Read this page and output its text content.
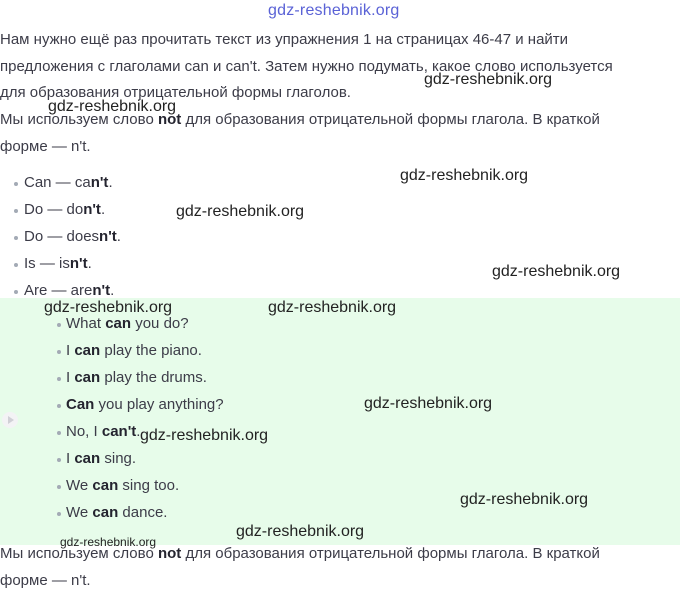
gdz-reshebnik.org
Нам нужно ещё раз прочитать текст из упражнения 1 на страницах 46-47 и найти
предложения с глаголами can и can't. Затем нужно подумать, какое слово используется
для образования отрицательной формы глаголов.
Мы используем слово not для образования отрицательной формы глагола. В краткой
форме — n't.
Can — can't.
Do — don't.
Do — doesn't.
Is — isn't.
Are — aren't.
What can you do?
I can play the piano.
I can play the drums.
Can you play anything?
No, I can't.
I can sing.
We can sing too.
We can dance.
Мы используем слово not для образования отрицательной формы глагола. В краткой
форме — n't.
gdz-reshebnik.org
gdz-reshebnik.org
gdz-reshebnik.org
gdz-reshebnik.org
gdz-reshebnik.org
gdz-reshebnik.org	gdz-reshebnik.org
gdz-reshebnik.org
gdz-reshebnik.org
gdz-reshebnik.org
gdz-reshebnik.org
gdz-reshebnik.org
